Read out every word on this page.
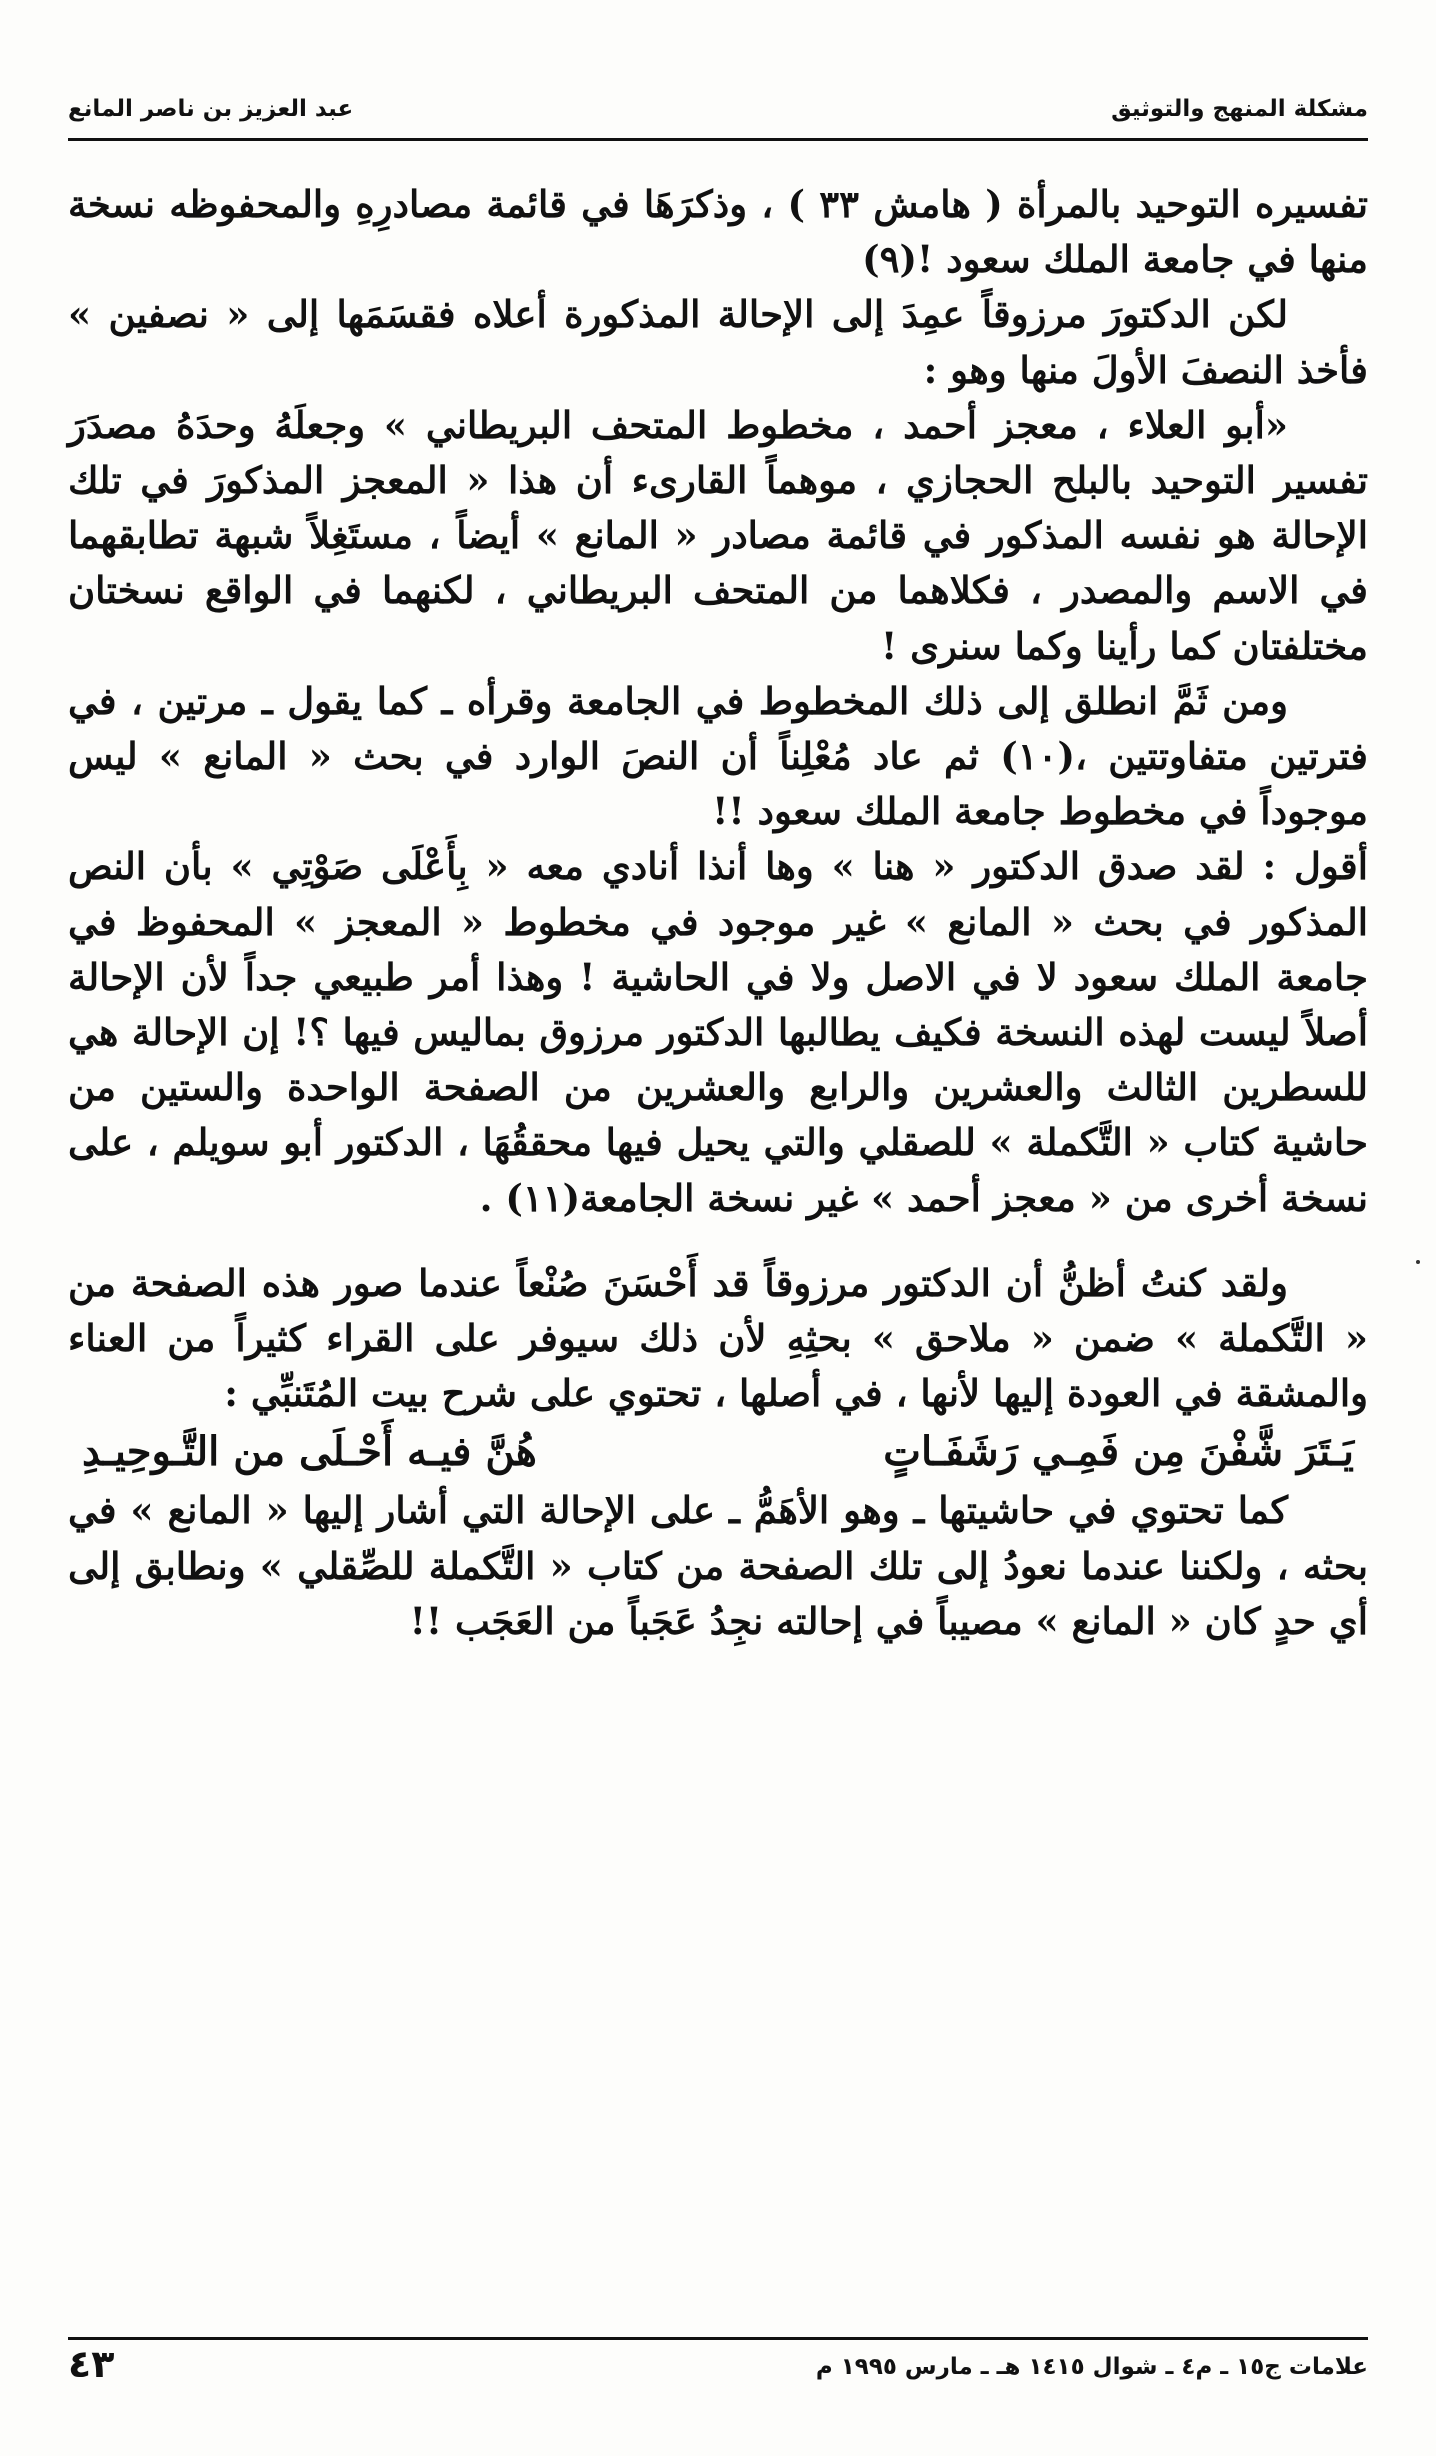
مشكلة المنهج والتوثيق
عبد العزيز بن ناصر المانع

تفسيره التوحيد بالمرأة ( هامش ٣٣ ) ، وذكرَهَا في قائمة مصادرِهِ والمحفوظه نسخة منها في جامعة الملك سعود !(٩)

لكن الدكتورَ مرزوقاً عمِدَ إلى الإحالة المذكورة أعلاه فقسَمَها إلى « نصفين » فأخذ النصفَ الأولَ منها وهو :

«أبو العلاء ، معجز أحمد ، مخطوط المتحف البريطاني » وجعلَهُ وحدَهُ مصدَرَ تفسير التوحيد بالبلح الحجازي ، موهماً القارىء أن هذا « المعجز المذكورَ في تلك الإحالة هو نفسه المذكور في قائمة مصادر « المانع » أيضاً ، مستَغِلاً شبهة تطابقهما في الاسم والمصدر ، فكلاهما من المتحف البريطاني ، لكنهما في الواقع نسختان مختلفتان كما رأينا وكما سنرى !

ومن ثَمَّ انطلق إلى ذلك المخطوط في الجامعة وقرأه ـ كما يقول ـ مرتين ، في فترتين متفاوتتين ،(١٠) ثم عاد مُعْلِناً أن النصَ الوارد في بحث « المانع » ليس موجوداً في مخطوط جامعة الملك سعود !!

أقول : لقد صدق الدكتور « هنا » وها أنذا أنادي معه « بِأَعْلَى صَوْتِي » بأن النص المذكور في بحث « المانع » غير موجود في مخطوط « المعجز » المحفوظ في جامعة الملك سعود لا في الاصل ولا في الحاشية ! وهذا أمر طبيعي جداً لأن الإحالة أصلاً ليست لهذه النسخة فكيف يطالبها الدكتور مرزوق بماليس فيها ؟! إن الإحالة هي للسطرين الثالث والعشرين والرابع والعشرين من الصفحة الواحدة والستين من حاشية كتاب « التَّكملة » للصقلي والتي يحيل فيها محققُهَا ، الدكتور أبو سويلم ، على نسخة أخرى من « معجز أحمد » غير نسخة الجامعة(١١) .

ولقد كنتُ أظنُّ أن الدكتور مرزوقاً قد أَحْسَنَ صُنْعاً عندما صور هذه الصفحة من « التَّكملة » ضمن « ملاحق » بحثِهِ لأن ذلك سيوفر على القراء كثيراً من العناء والمشقة في العودة إليها لأنها ، في أصلها ، تحتوي على شرح بيت المُتَنبِّي :

يَـتَرَ شَّفْنَ مِن فَمِـي رَشَفَـاتٍ
هُنَّ فيـه أَحْـلَى من التَّـوحِيـدِ

كما تحتوي في حاشيتها ـ وهو الأهَمُّ ـ على الإحالة التي أشار إليها « المانع » في بحثه ، ولكننا عندما نعودُ إلى تلك الصفحة من كتاب « التَّكملة للصِّقلي » ونطابق إلى أي حدٍ كان « المانع » مصيباً في إحالته نجِدُ عَجَباً من العَجَب !!

علامات ج١٥ ـ م٤ ـ شوال ١٤١٥ هـ ـ مارس ١٩٩٥ م
٤٣
